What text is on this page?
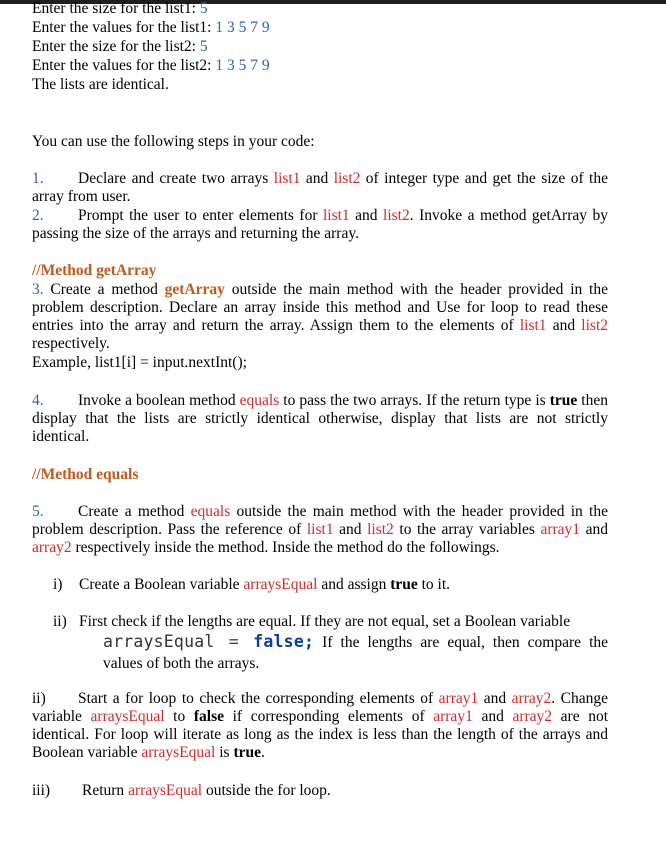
Enter the size for the list1: 5
Enter the values for the list1: 1 3 5 7 9
Enter the size for the list2: 5
Enter the values for the list2: 1 3 5 7 9
The lists are identical.
You can use the following steps in your code:
1. Declare and create two arrays list1 and list2 of integer type and get the size of the array from user.
2. Prompt the user to enter elements for list1 and list2. Invoke a method getArray by passing the size of the arrays and returning the array.
//Method getArray
3. Create a method getArray outside the main method with the header provided in the problem description. Declare an array inside this method and Use for loop to read these entries into the array and return the array. Assign them to the elements of list1 and list2 respectively.
Example, list1[i] = input.nextInt();
4. Invoke a boolean method equals to pass the two arrays. If the return type is true then display that the lists are strictly identical otherwise, display that lists are not strictly identical.
//Method equals
5. Create a method equals outside the main method with the header provided in the problem description. Pass the reference of list1 and list2 to the array variables array1 and array2 respectively inside the method. Inside the method do the followings.
i) Create a Boolean variable arraysEqual and assign true to it.
ii) First check if the lengths are equal. If they are not equal, set a Boolean variable
arraysEqual = false; If the lengths are equal, then compare the values of both the arrays.
ii) Start a for loop to check the corresponding elements of array1 and array2. Change variable arraysEqual to false if corresponding elements of array1 and array2 are not identical. For loop will iterate as long as the index is less than the length of the arrays and Boolean variable arraysEqual is true.
iii) Return arraysEqual outside the for loop.
